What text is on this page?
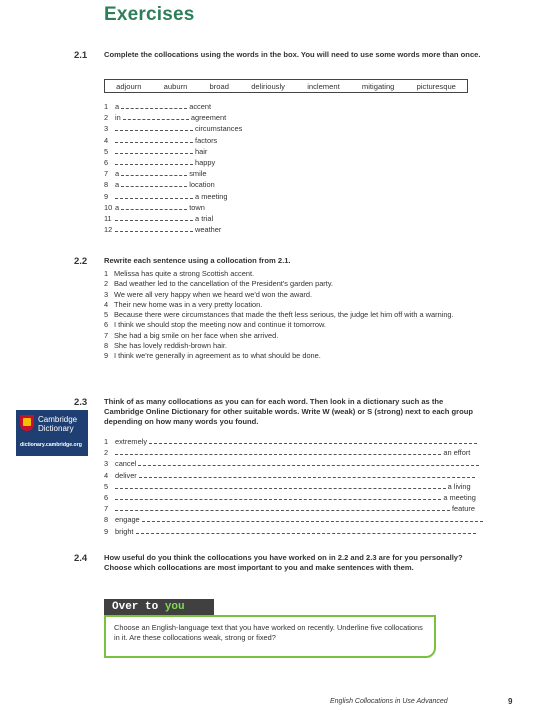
Exercises
2.1 Complete the collocations using the words in the box. You will need to use some words more than once.
adjourn	auburn	broad	deliriously	inclement	mitigating	picturesque
1 a	accent
2 in	agreement
3	circumstances
4	factors
5	hair
6	happy
7 a	smile
8 a	location
9	a meeting
10 a	town
11	a trial
12	weather
2.2 Rewrite each sentence using a collocation from 2.1.
1 Melissa has quite a strong Scottish accent.
2 Bad weather led to the cancellation of the President's garden party.
3 We were all very happy when we heard we'd won the award.
4 Their new home was in a very pretty location.
5 Because there were circumstances that made the theft less serious, the judge let him off with a warning.
6 I think we should stop the meeting now and continue it tomorrow.
7 She had a big smile on her face when she arrived.
8 She has lovely reddish-brown hair.
9 I think we're generally in agreement as to what should be done.
Cambridge
Dictionary
dictionary.cambridge.org
2.3 Think of as many collocations as you can for each word. Then look in a dictionary such as the Cambridge Online Dictionary for other suitable words. Write W (weak) or S (strong) next to each group depending on how many words you found.
1 extremely
2	an effort
3 cancel
4 deliver
5	a living
6	a meeting
7	feature
8 engage
9 bright
2.4 How useful do you think the collocations you have worked on in 2.2 and 2.3 are for you personally? Choose which collocations are most important to you and make sentences with them.
Over to you
Choose an English-language text that you have worked on recently. Underline five collocations in it. Are these collocations weak, strong or fixed?
English Collocations in Use Advanced	9
